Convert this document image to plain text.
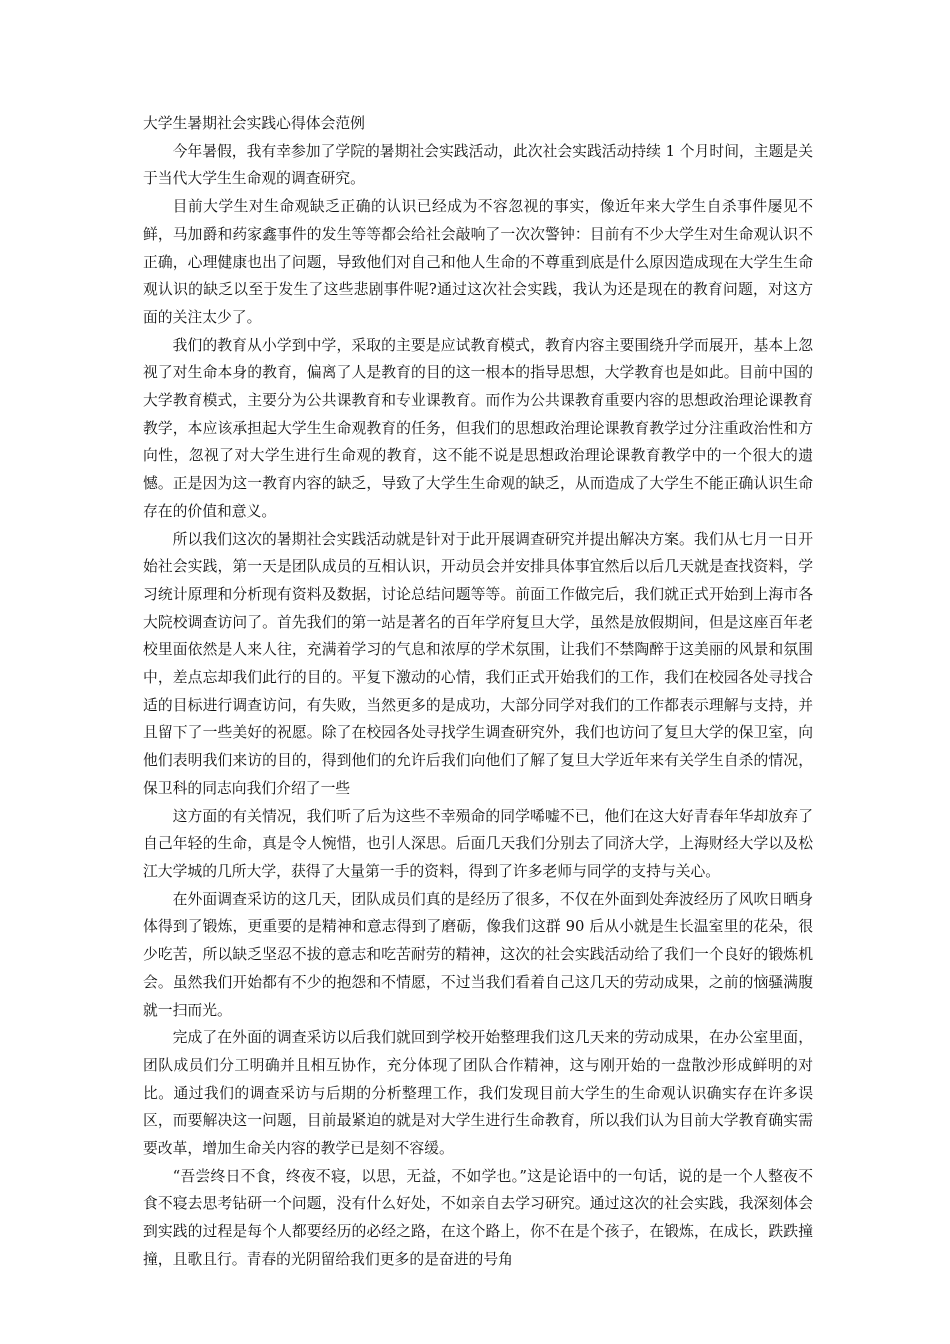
大学生暑期社会实践心得体会范例

今年暑假，我有幸参加了学院的暑期社会实践活动，此次社会实践活动持续 1 个月时间，主题是关于当代大学生生命观的调查研究。

目前大学生对生命观缺乏正确的认识已经成为不容忽视的事实，像近年来大学生自杀事件屡见不鲜，马加爵和药家鑫事件的发生等等都会给社会敲响了一次次警钟：目前有不少大学生对生命观认识不正确，心理健康也出了问题，导致他们对自己和他人生命的不尊重到底是什么原因造成现在大学生生命观认识的缺乏以至于发生了这些悲剧事件呢?通过这次社会实践，我认为还是现在的教育问题，对这方面的关注太少了。

我们的教育从小学到中学，采取的主要是应试教育模式，教育内容主要围绕升学而展开，基本上忽视了对生命本身的教育，偏离了人是教育的目的这一根本的指导思想，大学教育也是如此。目前中国的大学教育模式，主要分为公共课教育和专业课教育。而作为公共课教育重要内容的思想政治理论课教育教学，本应该承担起大学生生命观教育的任务，但我们的思想政治理论课教育教学过分注重政治性和方向性，忽视了对大学生进行生命观的教育，这不能不说是思想政治理论课教育教学中的一个很大的遗憾。正是因为这一教育内容的缺乏，导致了大学生生命观的缺乏，从而造成了大学生不能正确认识生命存在的价值和意义。

所以我们这次的暑期社会实践活动就是针对于此开展调查研究并提出解决方案。我们从七月一日开始社会实践，第一天是团队成员的互相认识，开动员会并安排具体事宜然后以后几天就是查找资料，学习统计原理和分析现有资料及数据，讨论总结问题等等。前面工作做完后，我们就正式开始到上海市各大院校调查访问了。首先我们的第一站是著名的百年学府复旦大学，虽然是放假期间，但是这座百年老校里面依然是人来人往，充满着学习的气息和浓厚的学术氛围，让我们不禁陶醉于这美丽的风景和氛围中，差点忘却我们此行的目的。平复下激动的心情，我们正式开始我们的工作，我们在校园各处寻找合适的目标进行调查访问，有失败，当然更多的是成功，大部分同学对我们的工作都表示理解与支持，并且留下了一些美好的祝愿。除了在校园各处寻找学生调查研究外，我们也访问了复旦大学的保卫室，向他们表明我们来访的目的，得到他们的允许后我们向他们了解了复旦大学近年来有关学生自杀的情况，保卫科的同志向我们介绍了一些

这方面的有关情况，我们听了后为这些不幸殒命的同学唏嘘不已，他们在这大好青春年华却放弃了自己年轻的生命，真是令人惋惜，也引人深思。后面几天我们分别去了同济大学，上海财经大学以及松江大学城的几所大学，获得了大量第一手的资料，得到了许多老师与同学的支持与关心。

在外面调查采访的这几天，团队成员们真的是经历了很多，不仅在外面到处奔波经历了风吹日晒身体得到了锻炼，更重要的是精神和意志得到了磨砺，像我们这群 90 后从小就是生长温室里的花朵，很少吃苦，所以缺乏坚忍不拔的意志和吃苦耐劳的精神，这次的社会实践活动给了我们一个良好的锻炼机会。虽然我们开始都有不少的抱怨和不情愿，不过当我们看着自己这几天的劳动成果，之前的恼骚满腹就一扫而光。

完成了在外面的调查采访以后我们就回到学校开始整理我们这几天来的劳动成果，在办公室里面，团队成员们分工明确并且相互协作，充分体现了团队合作精神，这与刚开始的一盘散沙形成鲜明的对比。通过我们的调查采访与后期的分析整理工作，我们发现目前大学生的生命观认识确实存在许多误区，而要解决这一问题，目前最紧迫的就是对大学生进行生命教育，所以我们认为目前大学教育确实需要改革，增加生命关内容的教学已是刻不容缓。

“吾尝终日不食，终夜不寝，以思，无益，不如学也。”这是论语中的一句话，说的是一个人整夜不食不寝去思考钻研一个问题，没有什么好处，不如亲自去学习研究。通过这次的社会实践，我深刻体会到实践的过程是每个人都要经历的必经之路，在这个路上，你不在是个孩子，在锻炼，在成长，跌跌撞撞，且歌且行。青春的光阴留给我们更多的是奋进的号角
